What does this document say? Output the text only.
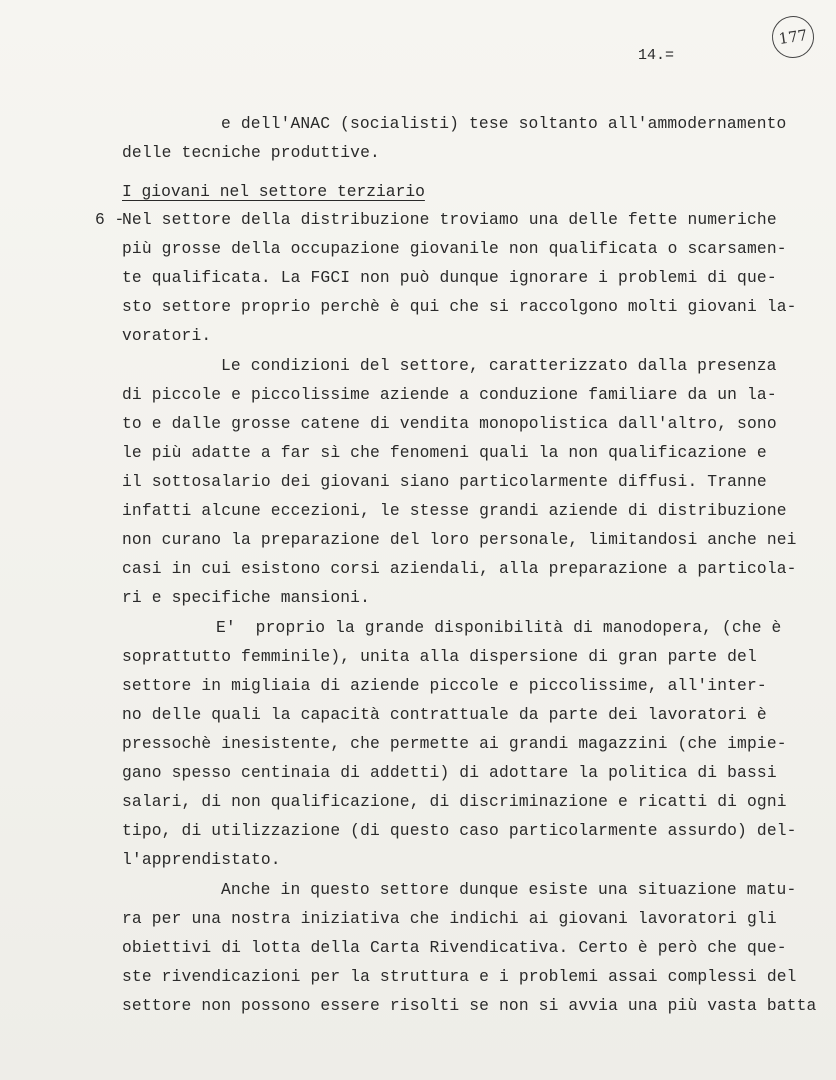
177
14.=
e dell'ANAC (socialisti) tese soltanto all'ammodernamento
delle tecniche produttive.
I giovani nel settore terziario
6 -
Nel settore della distribuzione troviamo una delle fette numeriche
più grosse della occupazione giovanile non qualificata o scarsamen-
te qualificata. La FGCI non può dunque ignorare i problemi di que-
sto settore proprio perchè è qui che si raccolgono molti giovani la-
voratori.
Le condizioni del settore, caratterizzato dalla presenza
di piccole e piccolissime aziende a conduzione familiare da un la-
to e dalle grosse catene di vendita monopolistica dall'altro, sono
le più adatte a far sì che fenomeni quali la non qualificazione e
il sottosalario dei giovani siano particolarmente diffusi. Tranne
infatti alcune eccezioni, le stesse grandi aziende di distribuzione
non curano la preparazione del loro personale, limitandosi anche nei
casi in cui esistono corsi aziendali, alla preparazione a particola-
ri e specifiche mansioni.
E'  proprio la grande disponibilità di manodopera, (che è
soprattutto femminile), unita alla dispersione di gran parte del
settore in migliaia di aziende piccole e piccolissime, all'inter-
no delle quali la capacità contrattuale da parte dei lavoratori è
pressochè inesistente, che permette ai grandi magazzini (che impie-
gano spesso centinaia di addetti) di adottare la politica di bassi
salari, di non qualificazione, di discriminazione e ricatti di ogni
tipo, di utilizzazione (di questo caso particolarmente assurdo) del-
l'apprendistato.
Anche in questo settore dunque esiste una situazione matu-
ra per una nostra iniziativa che indichi ai giovani lavoratori gli
obiettivi di lotta della Carta Rivendicativa. Certo è però che que-
ste rivendicazioni per la struttura e i problemi assai complessi del
settore non possono essere risolti se non si avvia una più vasta batta
